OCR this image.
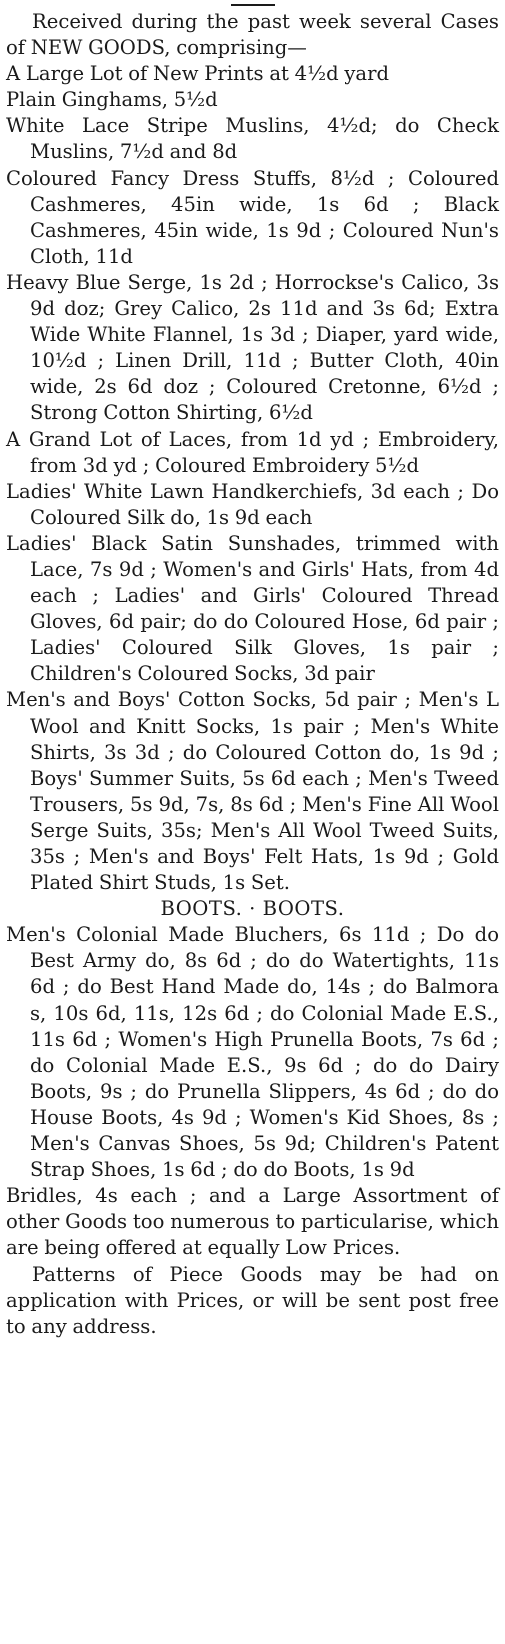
Received during the past week several Cases of NEW GOODS, comprising—

A Large Lot of New Prints at 4½d yard

Plain Ginghams, 5½d

White Lace Stripe Muslins, 4½d; do Check Muslins, 7½d and 8d

Coloured Fancy Dress Stuffs, 8½d ; Coloured Cashmeres, 45in wide, 1s 6d ; Black Cashmeres, 45in wide, 1s 9d ; Coloured Nun's Cloth, 11d

Heavy Blue Serge, 1s 2d ; Horrockse's Calico, 3s 9d doz; Grey Calico, 2s 11d and 3s 6d; Extra Wide White Flannel, 1s 3d ; Diaper, yard wide, 10½d ; Linen Drill, 11d ; Butter Cloth, 40in wide, 2s 6d doz ; Coloured Cretonne, 6½d ; Strong Cotton Shirting, 6½d

A Grand Lot of Laces, from 1d yd ; Embroidery, from 3d yd ; Coloured Embroidery 5½d

Ladies' White Lawn Handkerchiefs, 3d each ; Do Coloured Silk do, 1s 9d each

Ladies' Black Satin Sunshades, trimmed with Lace, 7s 9d ; Women's and Girls' Hats, from 4d each ; Ladies' and Girls' Coloured Thread Gloves, 6d pair; do do Coloured Hose, 6d pair ; Ladies' Coloured Silk Gloves, 1s pair ; Children's Coloured Socks, 3d pair

Men's and Boys' Cotton Socks, 5d pair ; Men's L Wool and Knitt Socks, 1s pair ; Men's White Shirts, 3s 3d ; do Coloured Cotton do, 1s 9d ; Boys' Summer Suits, 5s 6d each ; Men's Tweed Trousers, 5s 9d, 7s, 8s 6d ; Men's Fine All Wool Serge Suits, 35s; Men's All Wool Tweed Suits, 35s ; Men's and Boys' Felt Hats, 1s 9d ; Gold Plated Shirt Studs, 1s Set.

BOOTS. · BOOTS.

Men's Colonial Made Bluchers, 6s 11d ; Do do Best Army do, 8s 6d ; do do Watertights, 11s 6d ; do Best Hand Made do, 14s ; do Balmora s, 10s 6d, 11s, 12s 6d ; do Colonial Made E.S., 11s 6d ; Women's High Prunella Boots, 7s 6d ; do Colonial Made E.S., 9s 6d ; do do Dairy Boots, 9s ; do Prunella Slippers, 4s 6d ; do do House Boots, 4s 9d ; Women's Kid Shoes, 8s ; Men's Canvas Shoes, 5s 9d; Children's Patent Strap Shoes, 1s 6d ; do do Boots, 1s 9d

Bridles, 4s each ; and a Large Assortment of other Goods too numerous to particularise, which are being offered at equally Low Prices.

Patterns of Piece Goods may be had on application with Prices, or will be sent post free to any address.
